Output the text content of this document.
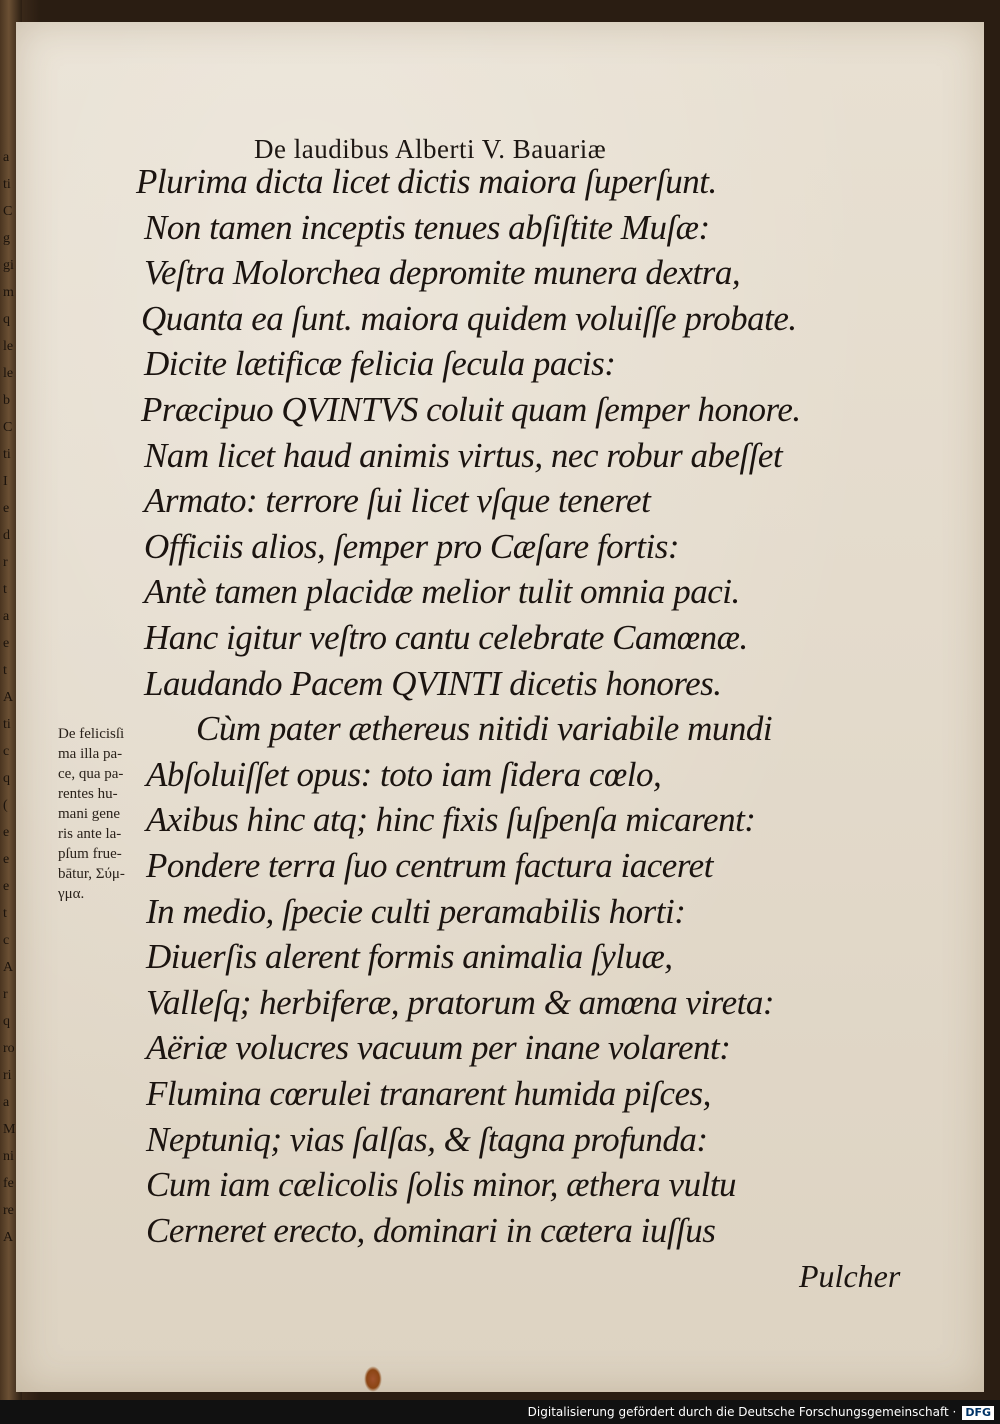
a
ti
C
g
gi
m
q
le
le
b
C
ti
I
e
d
r
t
a
e
t
A
ti
c
q
(
e
e
e
t
c
A
r
q
ro
ri
a
M
ni
fe
re
A
De laudibus Alberti V. Bauariæ
Plurima dicta licet dictis maiora ſuperſunt.
Non tamen inceptis tenues abſiſtite Muſæ:
Veſtra Molorchea depromite munera dextra,
Quanta ea ſunt. maiora quidem voluiſſe probate.
Dicite lætificæ felicia ſecula pacis:
Præcipuo QVINTVS coluit quam ſemper honore.
Nam licet haud animis virtus, nec robur abeſſet
Armato: terrore ſui licet vſque teneret
Officiis alios, ſemper pro Cæſare fortis:
Antè tamen placidæ melior tulit omnia paci.
Hanc igitur veſtro cantu celebrate Camœnæ.
Laudando Pacem QVINTI dicetis honores.
Cùm pater æthereus nitidi variabile mundi
Abſoluiſſet opus: toto iam ſidera cœlo,
Axibus hinc atq; hinc fixis ſuſpenſa micarent:
Pondere terra ſuo centrum factura iaceret
In medio, ſpecie culti peramabilis horti:
Diuerſis alerent formis animalia ſyluæ,
Valleſq; herbiferæ, pratorum & amœna vireta:
Aëriæ volucres vacuum per inane volarent:
Flumina cœrulei tranarent humida piſces,
Neptuniq; vias ſalſas, & ſtagna profunda:
Cum iam cælicolis ſolis minor, æthera vultu
Cerneret erecto, dominari in cætera iuſſus
De felicisſi
ma illa pa-
ce, qua pa-
rentes hu-
mani gene
ris ante la-
pſum frue-
bātur, Σύμ-
γμα.
Pulcher
Digitalisierung gefördert durch die Deutsche Forschungsgemeinschaft · DFG
